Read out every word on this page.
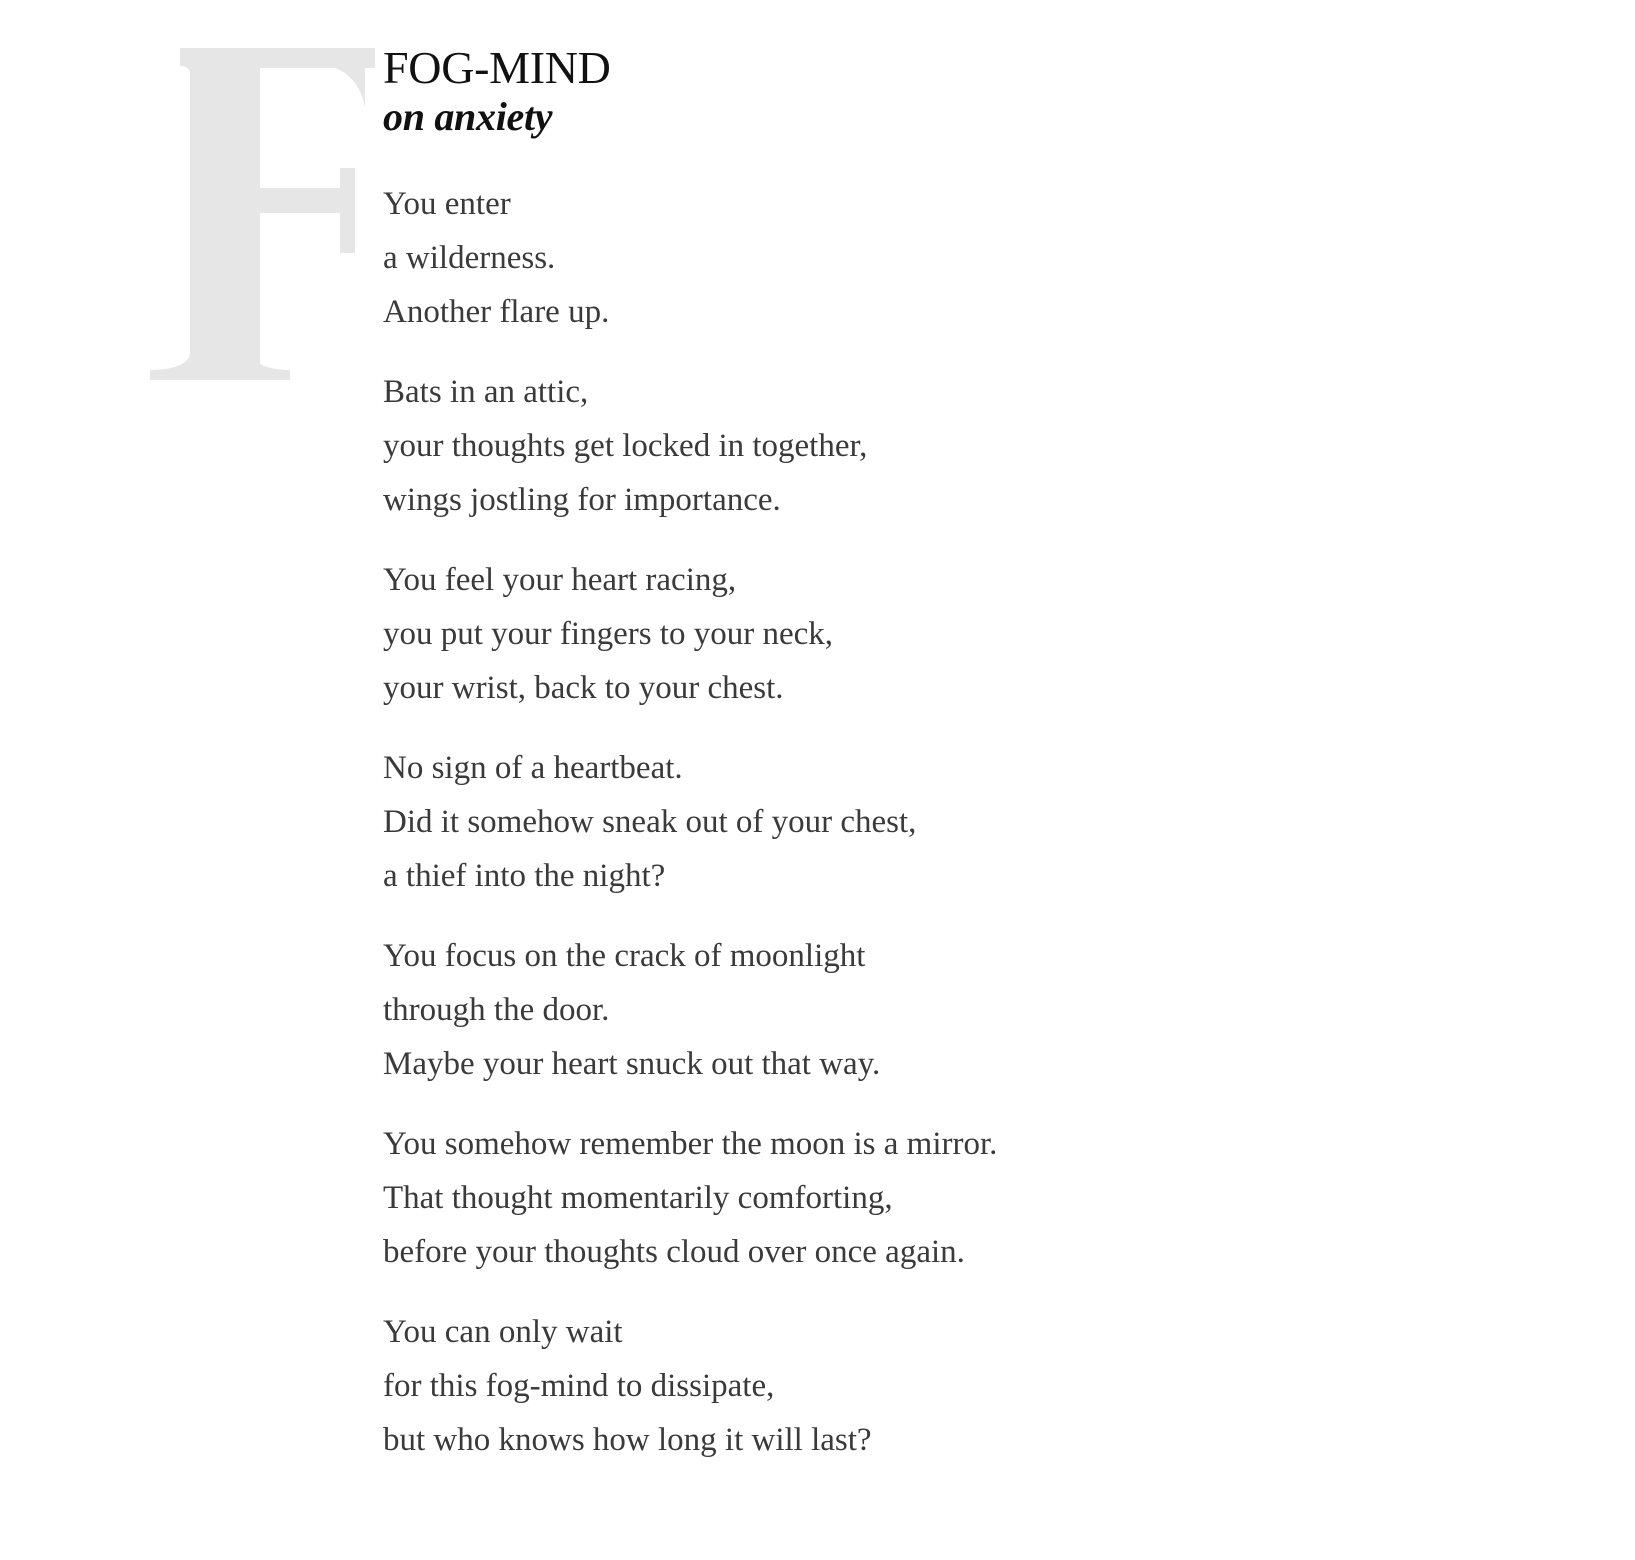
FOG-MIND
on anxiety
You enter
a wilderness.
Another flare up.
Bats in an attic,
your thoughts get locked in together,
wings jostling for importance.
You feel your heart racing,
you put your fingers to your neck,
your wrist, back to your chest.
No sign of a heartbeat.
Did it somehow sneak out of your chest,
a thief into the night?
You focus on the crack of moonlight
through the door.
Maybe your heart snuck out that way.
You somehow remember the moon is a mirror.
That thought momentarily comforting,
before your thoughts cloud over once again.
You can only wait
for this fog-mind to dissipate,
but who knows how long it will last?
